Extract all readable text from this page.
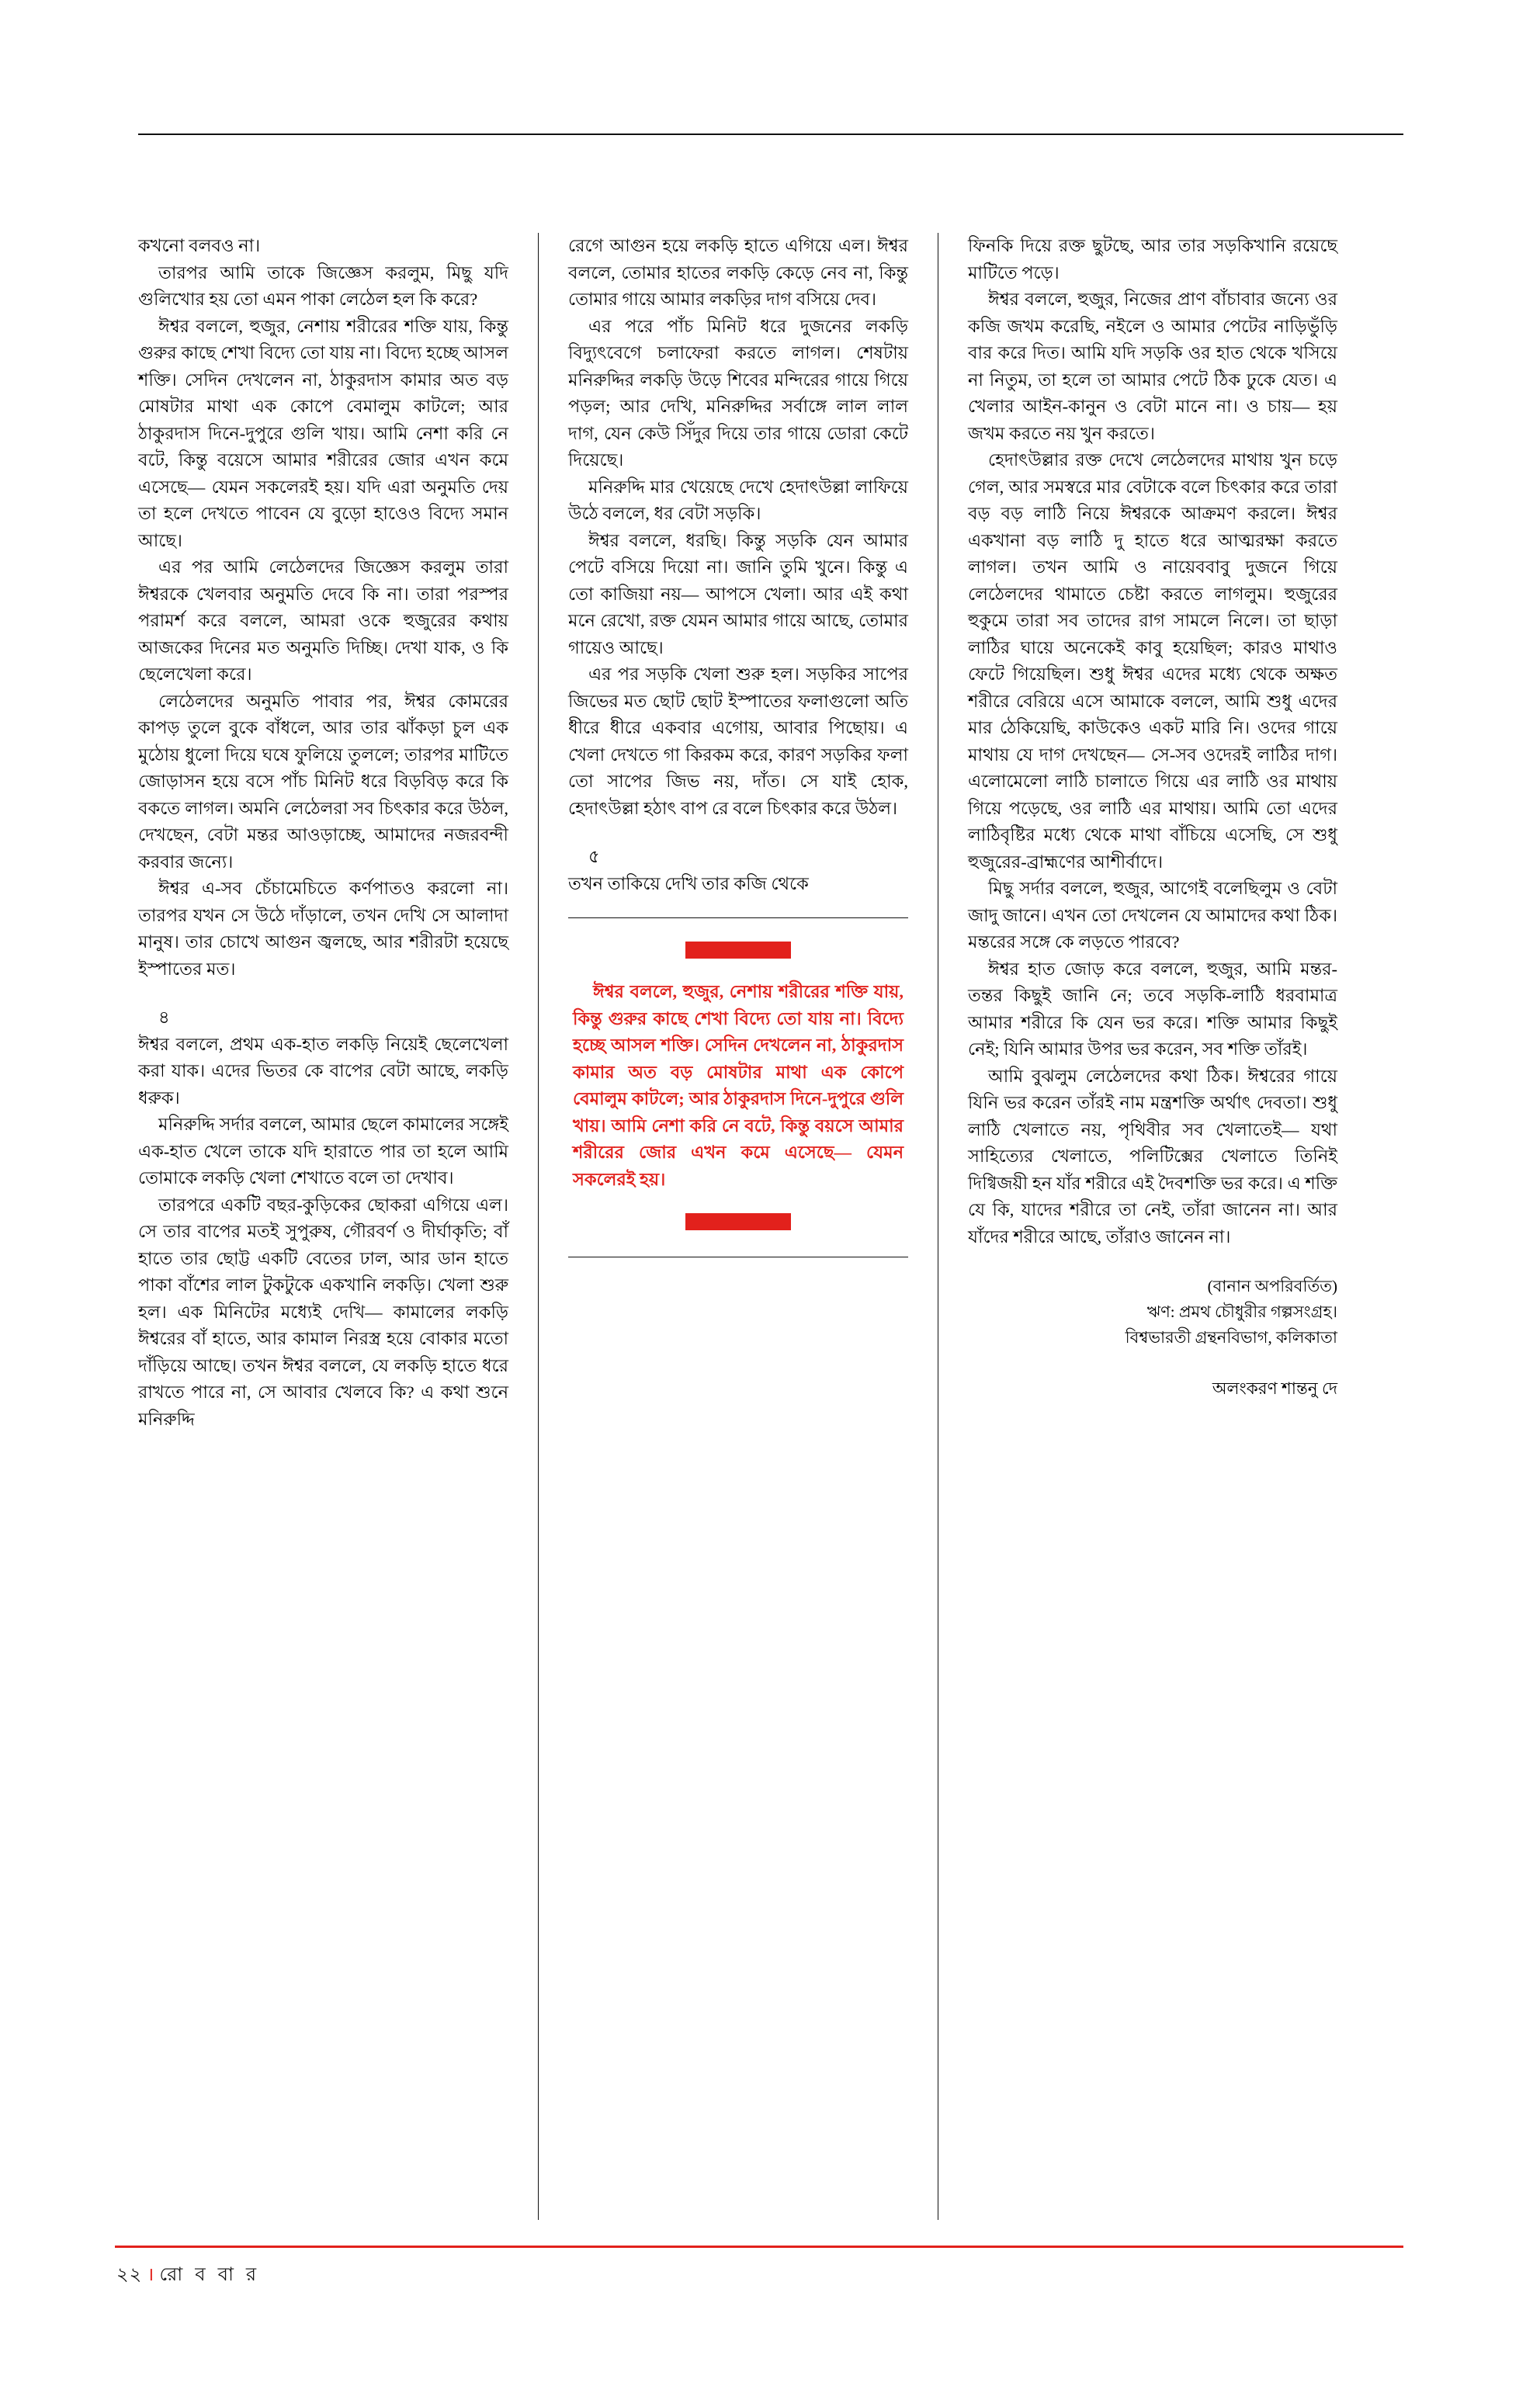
কখনো বলবও না।

তারপর আমি তাকে জিজ্ঞেস করলুম, মিছু যদি গুলিখোর হয় তো এমন পাকা লেঠেল হল কি করে?

ঈশ্বর বললে, হুজুর, নেশায় শরীরের শক্তি যায়, কিন্তু গুরুর কাছে শেখা বিদ্যে তো যায় না। বিদ্যে হচ্ছে আসল শক্তি। সেদিন দেখলেন না, ঠাকুরদাস কামার অত বড় মোষটার মাথা এক কোপে বেমালুম কাটলে; আর ঠাকুরদাস দিনে-দুপুরে গুলি খায়। আমি নেশা করি নে বটে, কিন্তু বয়েসে আমার শরীরের জোর এখন কমে এসেছে— যেমন সকলেরই হয়। যদি এরা অনুমতি দেয় তা হলে দেখতে পাবেন যে বুড়ো হাওেও বিদ্যে সমান আছে।

এর পর আমি লেঠেলদের জিজ্ঞেস করলুম তারা ঈশ্বরকে খেলবার অনুমতি দেবে কি না। তারা পরস্পর পরামর্শ করে বললে, আমরা ওকে হুজুরের কথায় আজকের দিনের মত অনুমতি দিচ্ছি। দেখা যাক, ও কি ছেলেখেলা করে।

লেঠেলদের অনুমতি পাবার পর, ঈশ্বর কোমরের কাপড় তুলে বুকে বাঁধলে, আর তার ঝাঁকড়া চুল এক মুঠোয় ধুলো দিয়ে ঘষে ফুলিয়ে তুললে; তারপর মাটিতে জোড়াসন হয়ে বসে পাঁচ মিনিট ধরে বিড়বিড় করে কি বকতে লাগল। অমনি লেঠেলরা সব চিৎকার করে উঠল, দেখছেন, বেটা মন্তর আওড়াচ্ছে, আমাদের নজরবন্দী করবার জন্যে।

ঈশ্বর এ-সব চেঁচামেচিতে কর্ণপাতও করলো না। তারপর যখন সে উঠে দাঁড়ালে, তখন দেখি সে আলাদা মানুষ। তার চোখে আগুন জ্বলছে, আর শরীরটা হয়েছে ইস্পাতের মত।

৪

ঈশ্বর বললে, প্রথম এক-হাত লকড়ি নিয়েই ছেলেখেলা করা যাক। এদের ভিতর কে বাপের বেটা আছে, লকড়ি ধরুক।

মনিরুদ্দি সর্দার বললে, আমার ছেলে কামালের সঙ্গেই এক-হাত খেলে তাকে যদি হারাতে পার তা হলে আমি তোমাকে লকড়ি খেলা শেখাতে বলে তা দেখাব।

তারপরে একটি বছর-কুড়িকের ছোকরা এগিয়ে এল। সে তার বাপের মতই সুপুরুষ, গৌরবর্ণ ও দীর্ঘাকৃতি; বাঁ হাতে তার ছোট্ট একটি বেতের ঢাল, আর ডান হাতে পাকা বাঁশের লাল টুকটুকে একখানি লকড়ি। খেলা শুরু হল। এক মিনিটের মধ্যেই দেখি— কামালের লকড়ি ঈশ্বরের বাঁ হাতে, আর কামাল নিরস্ত্র হয়ে বোকার মতো দাঁড়িয়ে আছে। তখন ঈশ্বর বললে, যে লকড়ি হাতে ধরে রাখতে পারে না, সে আবার খেলবে কি? এ কথা শুনে মনিরুদ্দি

রেগে আগুন হয়ে লকড়ি হাতে এগিয়ে এল। ঈশ্বর বললে, তোমার হাতের লকড়ি কেড়ে নেব না, কিন্তু তোমার গায়ে আমার লকড়ির দাগ বসিয়ে দেব।

এর পরে পাঁচ মিনিট ধরে দুজনের লকড়ি বিদ্যুৎবেগে চলাফেরা করতে লাগল। শেষটায় মনিরুদ্দির লকড়ি উড়ে শিবের মন্দিরের গায়ে গিয়ে পড়ল; আর দেখি, মনিরুদ্দির সর্বাঙ্গে লাল লাল দাগ, যেন কেউ সিঁদুর দিয়ে তার গায়ে ডোরা কেটে দিয়েছে।

মনিরুদ্দি মার খেয়েছে দেখে হেদাৎউল্লা লাফিয়ে উঠে বললে, ধর বেটা সড়কি।

ঈশ্বর বললে, ধরছি। কিন্তু সড়কি যেন আমার পেটে বসিয়ে দিয়ো না। জানি তুমি খুনে। কিন্তু এ তো কাজিয়া নয়— আপসে খেলা। আর এই কথা মনে রেখো, রক্ত যেমন আমার গায়ে আছে, তোমার গায়েও আছে।

এর পর সড়কি খেলা শুরু হল। সড়কির সাপের জিভের মত ছোট ছোট ইস্পাতের ফলাগুলো অতি ধীরে ধীরে একবার এগোয়, আবার পিছোয়। এ খেলা দেখতে গা কিরকম করে, কারণ সড়কির ফলা তো সাপের জিভ নয়, দাঁত। সে যাই হোক, হেদাৎউল্লা হঠাৎ বাপ রে বলে চিৎকার করে উঠল।

৫

তখন তাকিয়ে দেখি তার কজি থেকে

ঈশ্বর বললে, হুজুর, নেশায় শরীরের শক্তি যায়, কিন্তু গুরুর কাছে শেখা বিদ্যে তো যায় না। বিদ্যে হচ্ছে আসল শক্তি। সেদিন দেখলেন না, ঠাকুরদাস কামার অত বড় মোষটার মাথা এক কোপে বেমালুম কাটলে; আর ঠাকুরদাস দিনে-দুপুরে গুলি খায়। আমি নেশা করি নে বটে, কিন্তু বয়সে আমার শরীরের জোর এখন কমে এসেছে— যেমন সকলেরই হয়।

ফিনকি দিয়ে রক্ত ছুটছে, আর তার সড়কিখানি রয়েছে মাটিতে পড়ে।

ঈশ্বর বললে, হুজুর, নিজের প্রাণ বাঁচাবার জন্যে ওর কজি জখম করেছি, নইলে ও আমার পেটের নাড়িভুঁড়ি বার করে দিত। আমি যদি সড়কি ওর হাত থেকে খসিয়ে না নিতুম, তা হলে তা আমার পেটে ঠিক ঢুকে যেত। এ খেলার আইন-কানুন ও বেটা মানে না। ও চায়— হয় জখম করতে নয় খুন করতে।

হেদাৎউল্লার রক্ত দেখে লেঠেলদের মাথায় খুন চড়ে গেল, আর সমস্বরে মার বেটাকে বলে চিৎকার করে তারা বড় বড় লাঠি নিয়ে ঈশ্বরকে আক্রমণ করলে। ঈশ্বর একখানা বড় লাঠি দু হাতে ধরে আত্মরক্ষা করতে লাগল। তখন আমি ও নায়েববাবু দুজনে গিয়ে লেঠেলদের থামাতে চেষ্টা করতে লাগলুম। হুজুরের হুকুমে তারা সব তাদের রাগ সামলে নিলে। তা ছাড়া লাঠির ঘায়ে অনেকেই কাবু হয়েছিল; কারও মাথাও ফেটে গিয়েছিল। শুধু ঈশ্বর এদের মধ্যে থেকে অক্ষত শরীরে বেরিয়ে এসে আমাকে বললে, আমি শুধু এদের মার ঠেকিয়েছি, কাউকেও একট মারি নি। ওদের গায়ে মাথায় যে দাগ দেখছেন— সে-সব ওদেরই লাঠির দাগ। এলোমেলো লাঠি চালাতে গিয়ে এর লাঠি ওর মাথায় গিয়ে পড়েছে, ওর লাঠি এর মাথায়। আমি তো এদের লাঠিবৃষ্টির মধ্যে থেকে মাথা বাঁচিয়ে এসেছি, সে শুধু হুজুরের-ব্রাহ্মণের আশীর্বাদে।

মিছু সর্দার বললে, হুজুর, আগেই বলেছিলুম ও বেটা জাদু জানে। এখন তো দেখলেন যে আমাদের কথা ঠিক। মন্তরের সঙ্গে কে লড়তে পারবে?

ঈশ্বর হাত জোড় করে বললে, হুজুর, আমি মন্তর-তন্তর কিছুই জানি নে; তবে সড়কি-লাঠি ধরবামাত্র আমার শরীরে কি যেন ভর করে। শক্তি আমার কিছুই নেই; যিনি আমার উপর ভর করেন, সব শক্তি তাঁরই।

আমি বুঝলুম লেঠেলদের কথা ঠিক। ঈশ্বরের গায়ে যিনি ভর করেন তাঁরই নাম মন্ত্রশক্তি অর্থাৎ দেবতা। শুধু লাঠি খেলাতে নয়, পৃথিবীর সব খেলাতেই— যথা সাহিত্যের খেলাতে, পলিটিক্সের খেলাতে তিনিই দিগ্বিজয়ী হন যাঁর শরীরে এই দৈবশক্তি ভর করে। এ শক্তি যে কি, যাদের শরীরে তা নেই, তাঁরা জানেন না। আর যাঁদের শরীরে আছে, তাঁরাও জানেন না।

(বানান অপরিবর্তিত)
ঋণ: প্রমথ চৌধুরীর গল্পসংগ্রহ।
বিশ্বভারতী গ্রন্থনবিভাগ, কলিকাতা
অলংকরণ শান্তনু দে
২২ । রো ব বা র
